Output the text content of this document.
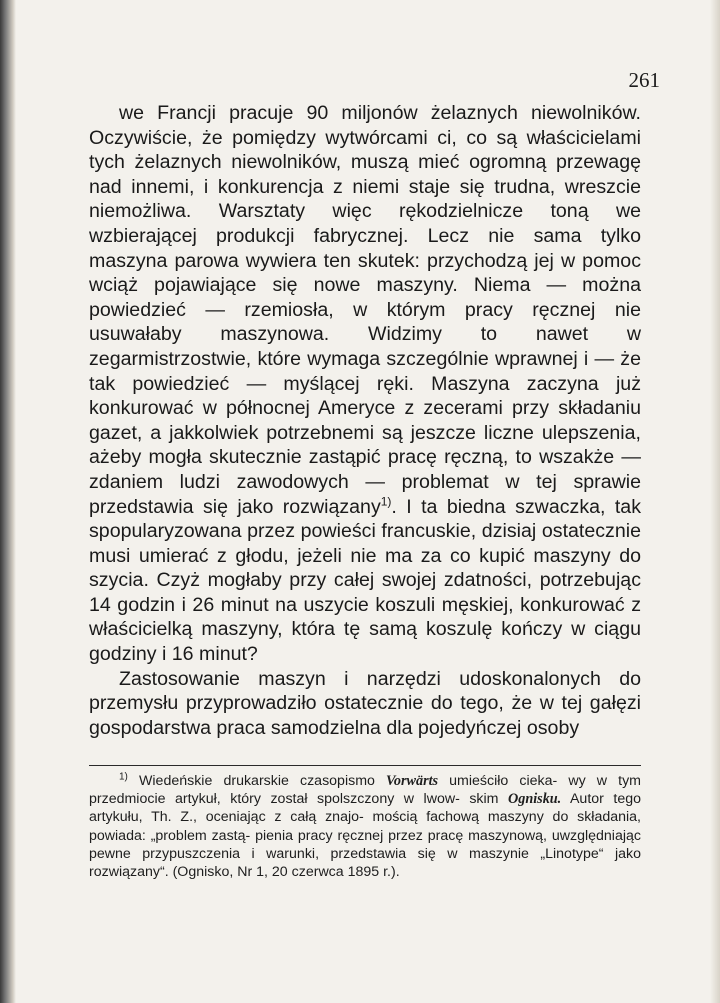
261

we Francji pracuje 90 miljonów żelaznych niewolników. Oczywiście, że pomiędzy wytwórcami ci, co są właścicielami tych żelaznych niewolników, muszą mieć ogromną przewagę nad innemi, i konkurencja z niemi staje się trudna, wreszcie niemożliwa. Warsztaty więc rękodzielnicze toną we wzbierającej produkcji fabrycznej. Lecz nie sama tylko maszyna parowa wywiera ten skutek: przychodzą jej w pomoc wciąż pojawiające się nowe maszyny. Niema — można powiedzieć — rzemiosła, w którym pracy ręcznej nie usuwałaby maszynowa. Widzimy to nawet w zegarmistrzostwie, które wymaga szczególnie wprawnej i — że tak powiedzieć — myślącej ręki. Maszyna zaczyna już konkurować w północnej Ameryce z zecerami przy składaniu gazet, a jakkolwiek potrzebnemi są jeszcze liczne ulepszenia, ażeby mogła skutecznie zastąpić pracę ręczną, to wszakże — zdaniem ludzi zawodowych — problemat w tej sprawie przedstawia się jako rozwiązany$^{1)}$. I ta biedna szwaczka, tak spopularyzowana przez powieści francuskie, dzisiaj ostatecznie musi umierać z głodu, jeżeli nie ma za co kupić maszyny do szycia. Czyż mogłaby przy całej swojej zdatności, potrzebując 14 godzin i 26 minut na uszycie koszuli męskiej, konkurować z właścicielką maszyny, która tę samą koszulę kończy w ciągu godziny i 16 minut?

Zastosowanie maszyn i narzędzi udoskonalonych do przemysłu przyprowadziło ostatecznie do tego, że w tej gałęzi gospodarstwa praca samodzielna dla pojedyńczej osoby

$^{1)}$ Wiedeńskie drukarskie czasopismo Vorwärts umieściło cieka- wy w tym przedmiocie artykuł, który został spolszczony w lwow- skim Ognisku. Autor tego artykułu, Th. Z., oceniając z całą znajo- mością fachową maszyny do składania, powiada: „problem zastą- pienia pracy ręcznej przez pracę maszynową, uwzględniając pewne przypuszczenia i warunki, przedstawia się w maszynie „Linotype“ jako rozwiązany“. (Ognisko, Nr 1, 20 czerwca 1895 r.).
